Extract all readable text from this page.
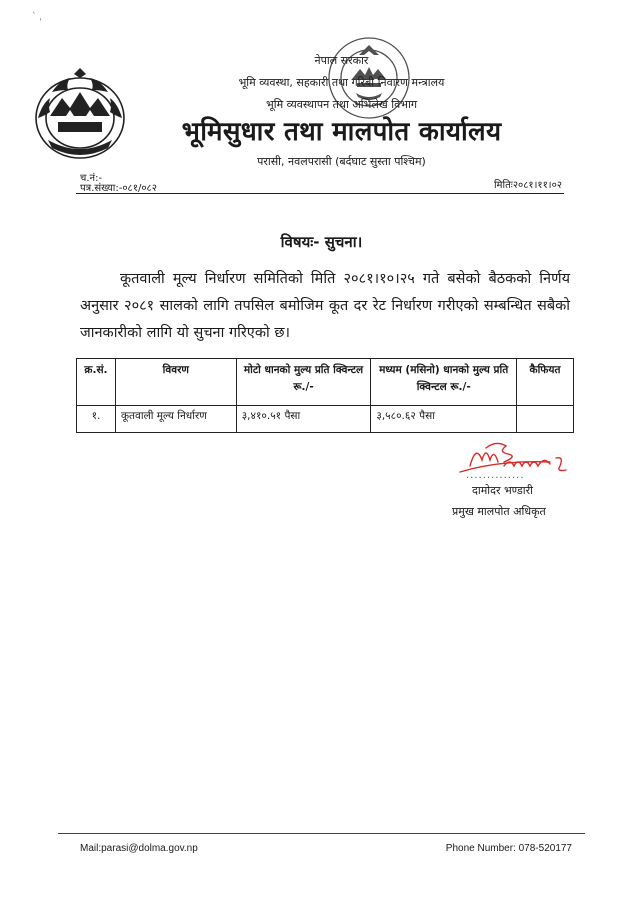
` ˌ
नेपाल सरकार
भूमि व्यवस्था, सहकारी तथा गरिबी निवारण मन्त्रालय
भूमि व्यवस्थापन तथा अभिलेख विभाग
भूमिसुधार तथा मालपोत कार्यालय
परासी, नवलपरासी (बर्दघाट सुस्ता पश्चिम)
च.नं:-
पत्र.संख्या:-०८१/०८२	मितिः२०८१।११।०२
विषयः- सुचना।
कूतवाली मूल्य निर्धारण समितिको मिति २०८१।१०।२५ गते बसेको बैठकको निर्णय अनुसार २०८१ सालको लागि तपसिल बमोजिम कूत दर रेट निर्धारण गरीएको सम्बन्धित सबैको जानकारीको लागि यो सुचना गरिएको छ।
क्र.सं.	विवरण	मोटो धानको मुल्य प्रति क्विन्टल रू./-	मध्यम (मसिनो) धानको मुल्य प्रति क्विन्टल रू./-	कैफियत
१.	कूतवाली मूल्य निर्धारण	३,४१०.५१ पैसा	३,५८०.६२ पैसा	
..............
दामोदर भण्डारी
प्रमुख मालपोत अधिकृत
Mail:parasi@dolma.gov.np	Phone Number: 078-520177
